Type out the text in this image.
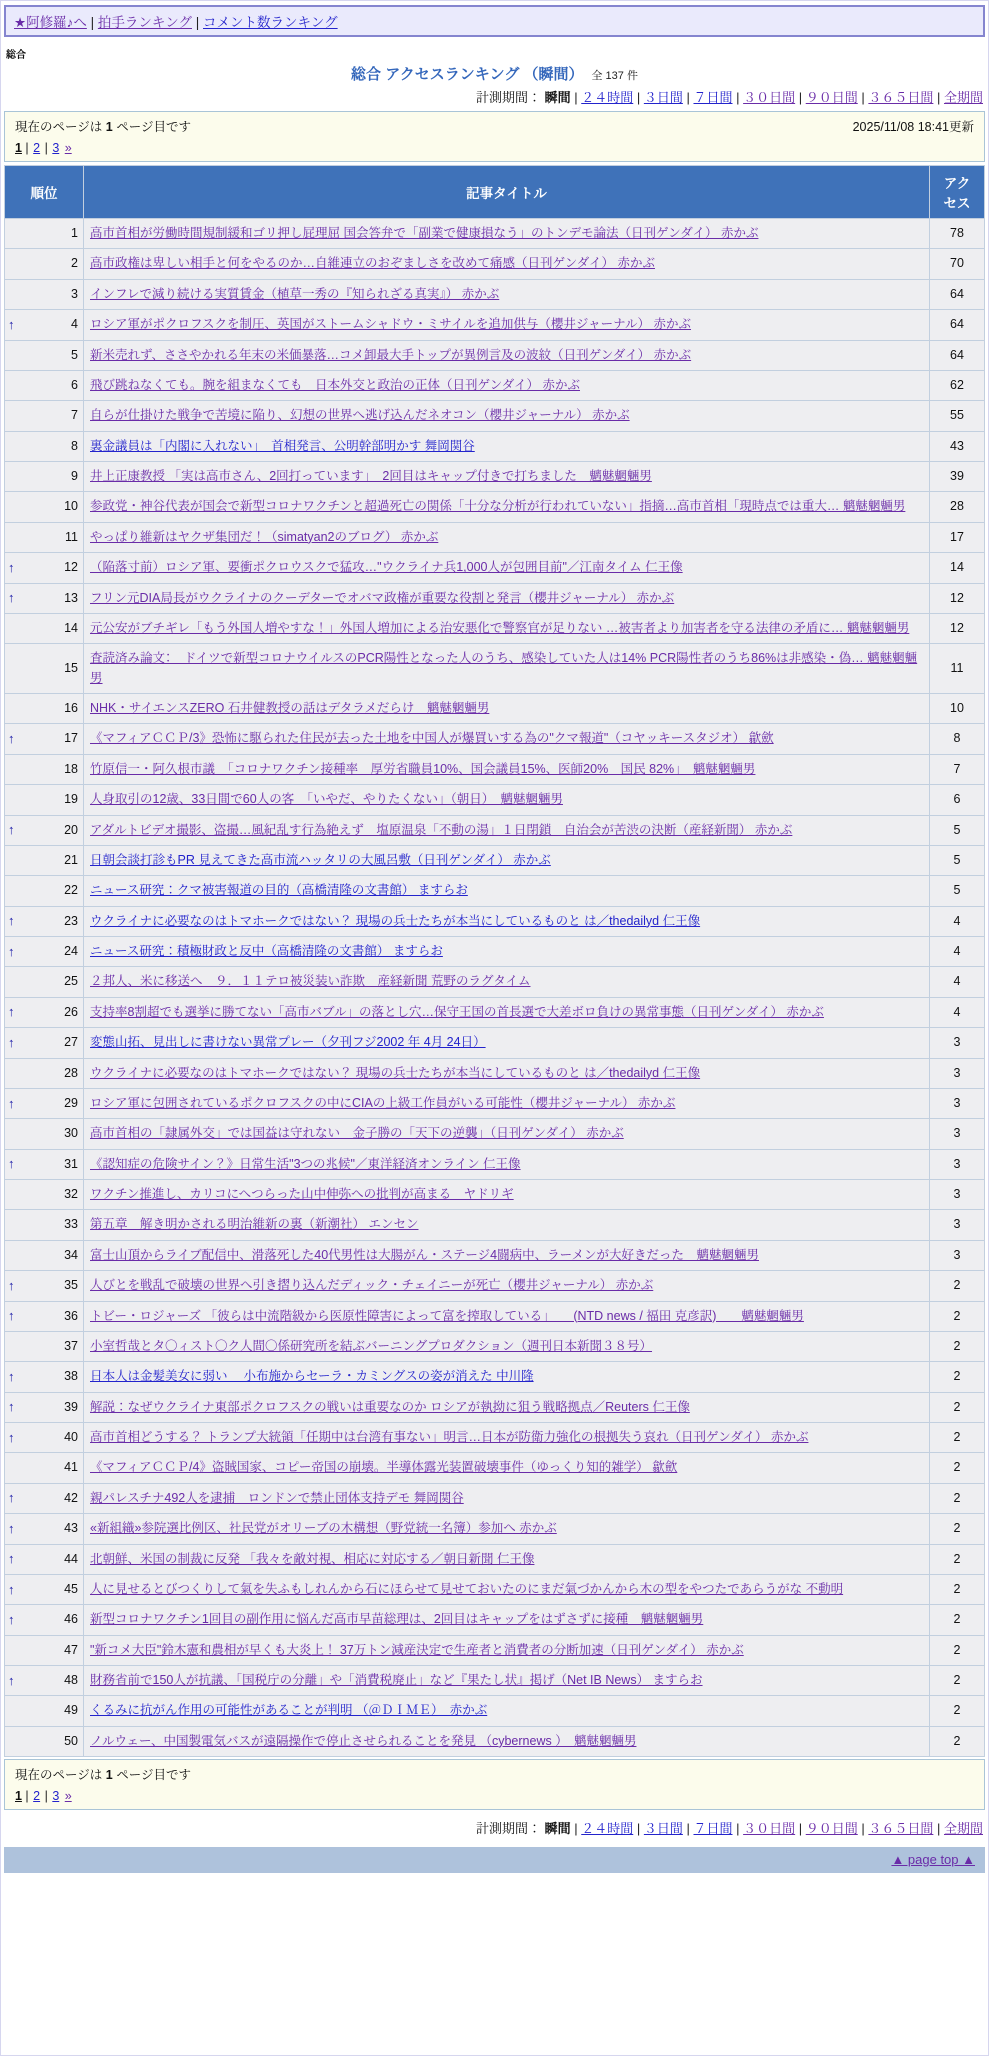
★阿修羅♪へ | 拍手ランキング | コメント数ランキング
総合
総合 アクセスランキング （瞬間） 全 137 件
計測期間： 瞬間 | ２４時間 | ３日間 | ７日間 | ３０日間 | ９０日間 | ３６５日間 | 全期間
現在のページは 1 ページ目です	2025/11/08 18:41更新
1 | 2 | 3 »
順位	記事タイトル	アクセス
1	高市首相が労働時間規制緩和ゴリ押し屁理屈 国会答弁で「副業で健康損なう」のトンデモ論法（日刊ゲンダイ） 赤かぶ	78
2	高市政権は卑しい相手と何をやるのか…自維連立のおぞましさを改めて痛感（日刊ゲンダイ） 赤かぶ	70
3	インフレで減り続ける実質賃金（植草一秀の『知られざる真実』） 赤かぶ	64

↑ 4	ロシア軍がポクロフスクを制圧、英国がストームシャドウ・ミサイルを追加供与（櫻井ジャーナル） 赤かぶ	64
5	新米売れず、ささやかれる年末の米価暴落…コメ卸最大手トップが異例言及の波紋（日刊ゲンダイ） 赤かぶ	64
6	飛び跳ねなくても。腕を組まなくても　日本外交と政治の正体（日刊ゲンダイ） 赤かぶ	62
7	自らが仕掛けた戦争で苦境に陥り、幻想の世界へ逃げ込んだネオコン（櫻井ジャーナル） 赤かぶ	55
8	裏金議員は「内閣に入れない」　首相発言、公明幹部明かす 舞岡関谷	43
9	井上正康教授 「実は高市さん、2回打っています」　2回目はキャップ付きで打ちました　魑魅魍魎男	39
10	参政党・神谷代表が国会で新型コロナワクチンと超過死亡の関係「十分な分析が行われていない」指摘…高市首相「現時点では重大… 魑魅魍魎男	28
11	やっぱり維新はヤクザ集団だ！（simatyan2のブログ） 赤かぶ	17

↑ 12	（陥落寸前）ロシア軍、要衝ポクロウスクで猛攻…"ウクライナ兵1,000人が包囲目前"／江南タイム 仁王像	14

↑ 13	フリン元DIA局長がウクライナのクーデターでオバマ政権が重要な役割と発言（櫻井ジャーナル） 赤かぶ	12
14	元公安がブチギレ「もう外国人増やすな！」外国人増加による治安悪化で警察官が足りない …被害者より加害者を守る法律の矛盾に… 魑魅魍魎男	12
15	査読済み論文：　ドイツで新型コロナウイルスのPCR陽性となった人のうち、感染していた人は14% PCR陽性者のうち86%は非感染・偽… 魑魅魍魎男	11
16	NHK・サイエンスZERO 石井健教授の話はデタラメだらけ　魑魅魍魎男	10

↑ 17	《マフィアＣＣＰ/3》恐怖に駆られた住民が去った土地を中国人が爆買いする為の"クマ報道"（コヤッキースタジオ） 歙歛	8
18	竹原信一・阿久根市議　「コロナワクチン接種率　厚労省職員10%、国会議員15%、医師20%　国民 82%」　魑魅魍魎男	7
19	人身取引の12歳、33日間で60人の客　「いやだ、やりたくない」（朝日）　魑魅魍魎男	6

↑ 20	アダルトビデオ撮影、盗撮…風紀乱す行為絶えず　塩原温泉「不動の湯」１日閉鎖　自治会が苦渋の決断（産経新聞） 赤かぶ	5
21	日朝会談打診もPR 見えてきた高市流ハッタリの大風呂敷（日刊ゲンダイ） 赤かぶ	5
22	ニュース研究：クマ被害報道の目的（高橋清隆の文書館） ますらお	5

↑ 23	ウクライナに必要なのはトマホークではない？ 現場の兵士たちが本当にしているものと は／thedailyd 仁王像	4

↑ 24	ニュース研究：積極財政と反中（高橋清隆の文書館） ますらお	4
25	２邦人、米に移送へ　９．１１テロ被災装い詐欺　産経新聞 荒野のラグタイム	4

↑ 26	支持率8割超でも選挙に勝てない「高市バブル」の落とし穴…保守王国の首長選で大差ボロ負けの異常事態（日刊ゲンダイ） 赤かぶ	4

↑ 27	変態山拓、見出しに書けない異常プレー（夕刊フジ2002 年 4月 24日）	3
28	ウクライナに必要なのはトマホークではない？ 現場の兵士たちが本当にしているものと は／thedailyd 仁王像	3

↑ 29	ロシア軍に包囲されているポクロフスクの中にCIAの上級工作員がいる可能性（櫻井ジャーナル） 赤かぶ	3
30	高市首相の「隷属外交」では国益は守れない　金子勝の「天下の逆襲」（日刊ゲンダイ） 赤かぶ	3

↑ 31	《認知症の危険サイン？》日常生活"3つの兆候"／東洋経済オンライン 仁王像	3
32	ワクチン推進し、カリコにへつらった山中伸弥への批判が高まる　ヤドリギ	3
33	第五章　解き明かされる明治維新の裏（新潮社） エンセン	3
34	富士山頂からライブ配信中、滑落死した40代男性は大腸がん・ステージ4闘病中、ラーメンが大好きだった　魑魅魍魎男	3

↑ 35	人びとを戦乱で破壊の世界へ引き摺り込んだディック・チェイニーが死亡（櫻井ジャーナル） 赤かぶ	2

↑ 36	トビー・ロジャーズ 「彼らは中流階級から医原性障害によって富を搾取している」　　(NTD news / 福田 克彦訳)　　魑魅魍魎男	2
37	小室哲哉とタ〇ィスト〇ク人間〇係研究所を結ぶバーニングプロダクション（週刊日本新聞３８号）	2

↑ 38	日本人は金髪美女に弱い＿ 小布施からセーラ・カミングスの姿が消えた 中川隆	2

↑ 39	解説：なぜウクライナ東部ポクロフスクの戦いは重要なのか ロシアが執拗に狙う戦略拠点／Reuters 仁王像	2

↑ 40	高市首相どうする？ トランプ大統領「任期中は台湾有事ない」明言…日本が防衛力強化の根拠失う哀れ（日刊ゲンダイ） 赤かぶ	2
41	《マフィアＣＣＰ/4》盗賊国家、コピー帝国の崩壊。半導体露光装置破壊事件（ゆっくり知的雑学） 歙歛	2

↑ 42	親パレスチナ492人を逮捕　ロンドンで禁止団体支持デモ 舞岡関谷	2

↑ 43	«新組織»参院選比例区、社民党がオリーブの木構想（野党統一名簿）参加へ 赤かぶ	2

↑ 44	北朝鮮、米国の制裁に反発 「我々を敵対視、相応に対応する／朝日新聞 仁王像	2

↑ 45	人に見せるとびつくりして氣を失ふもしれんから石にほらせて見せておいたのにまだ氣づかんから木の型をやつたであらうがな 不動明	2

↑ 46	新型コロナワクチン1回目の副作用に悩んだ高市早苗総理は、2回目はキャップをはずさずに接種　魑魅魍魎男	2
47	"新コメ大臣"鈴木憲和農相が早くも大炎上！ 37万トン減産決定で生産者と消費者の分断加速（日刊ゲンダイ） 赤かぶ	2

↑ 48	財務省前で150人が抗議、「国税庁の分離」や「消費税廃止」など『果たし状』掲げ（Net IB News） ますらお	2
49	くるみに抗がん作用の可能性があることが判明 （＠ＤＩＭＥ）　赤かぶ	2
50	ノルウェー、中国製電気バスが遠隔操作で停止させられることを発見 （cybernews ）　魑魅魍魎男	2
現在のページは 1 ページ目です
1 | 2 | 3 »
計測期間： 瞬間 | ２４時間 | ３日間 | ７日間 | ３０日間 | ９０日間 | ３６５日間 | 全期間
▲ page top ▲
